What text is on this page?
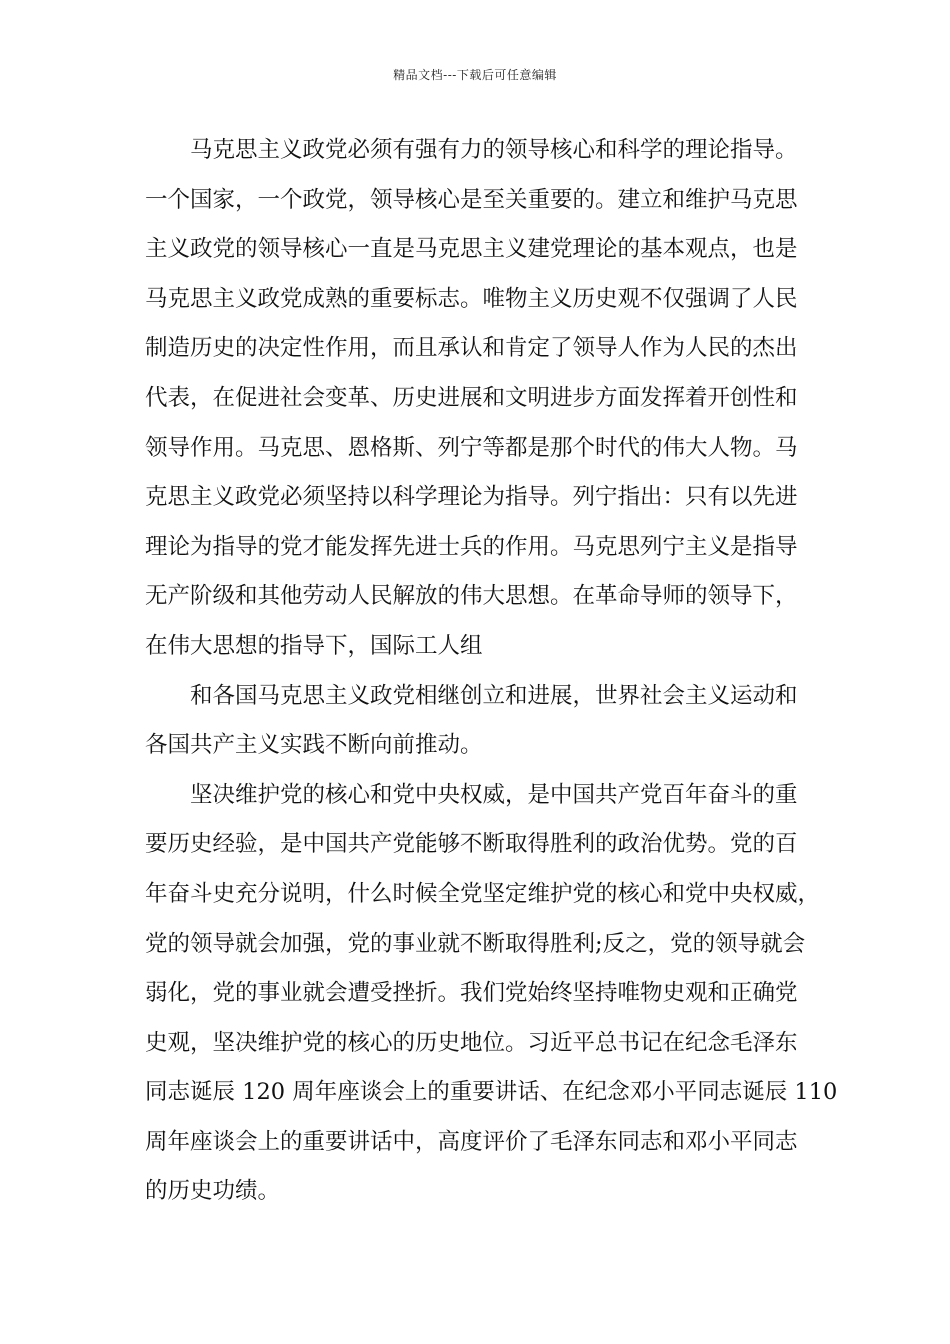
精品文档---下载后可任意编辑
马克思主义政党必须有强有力的领导核心和科学的理论指导。
一个国家，一个政党，领导核心是至关重要的。建立和维护马克思
主义政党的领导核心一直是马克思主义建党理论的基本观点，也是
马克思主义政党成熟的重要标志。唯物主义历史观不仅强调了人民
制造历史的决定性作用，而且承认和肯定了领导人作为人民的杰出
代表，在促进社会变革、历史进展和文明进步方面发挥着开创性和
领导作用。马克思、恩格斯、列宁等都是那个时代的伟大人物。马
克思主义政党必须坚持以科学理论为指导。列宁指出：只有以先进
理论为指导的党才能发挥先进士兵的作用。马克思列宁主义是指导
无产阶级和其他劳动人民解放的伟大思想。在革命导师的领导下，
在伟大思想的指导下，国际工人组
和各国马克思主义政党相继创立和进展，世界社会主义运动和
各国共产主义实践不断向前推动。
坚决维护党的核心和党中央权威，是中国共产党百年奋斗的重
要历史经验，是中国共产党能够不断取得胜利的政治优势。党的百
年奋斗史充分说明，什么时候全党坚定维护党的核心和党中央权威，
党的领导就会加强，党的事业就不断取得胜利;反之，党的领导就会
弱化，党的事业就会遭受挫折。我们党始终坚持唯物史观和正确党
史观，坚决维护党的核心的历史地位。习近平总书记在纪念毛泽东
同志诞辰 120 周年座谈会上的重要讲话、在纪念邓小平同志诞辰 110
周年座谈会上的重要讲话中，高度评价了毛泽东同志和邓小平同志
的历史功绩。
